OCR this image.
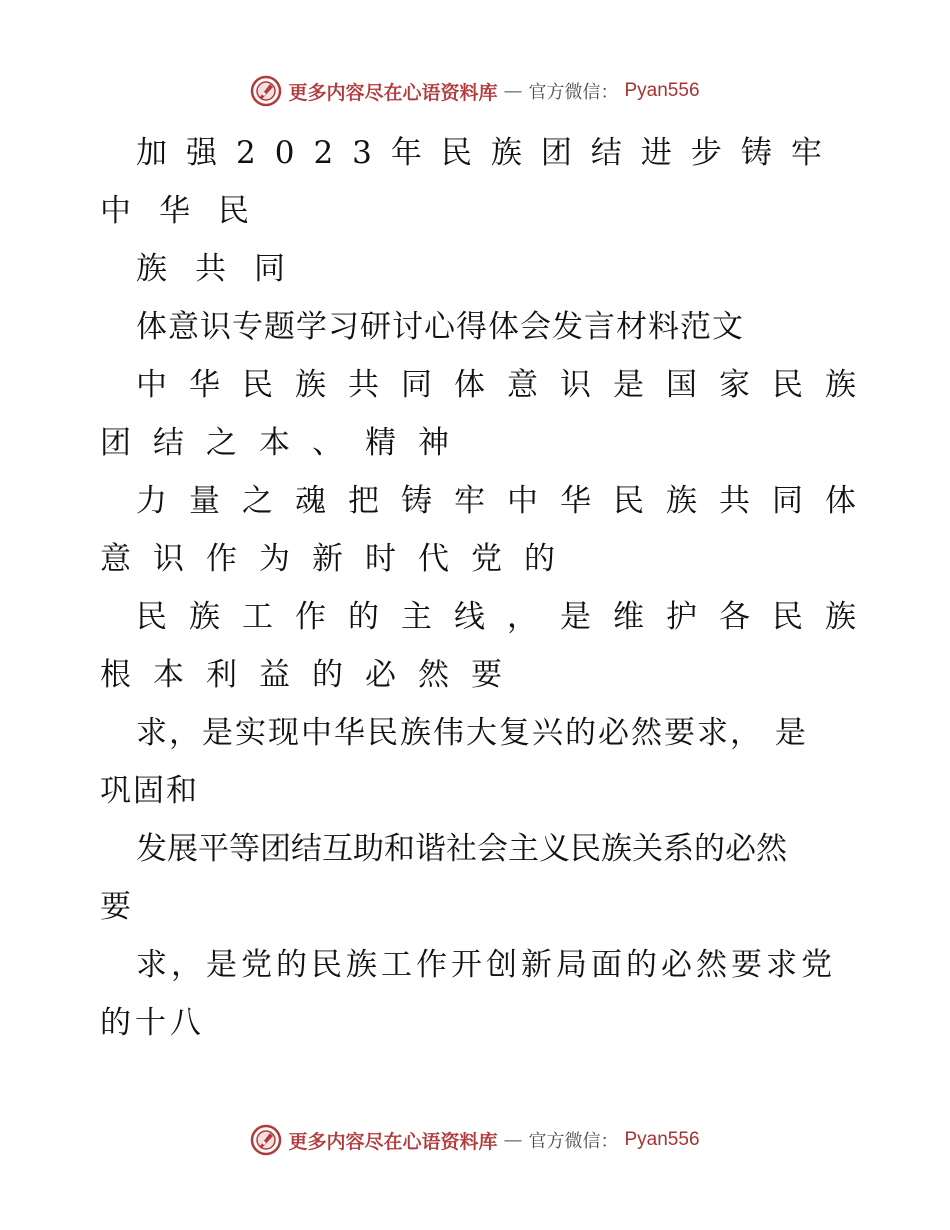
更多内容尽在心语资料库 — 官方微信： Pyan556
加强2023年民族团结进步铸牢
中华民
族共同
体意识专题学习研讨心得体会发言材料范文
中华民族共同体意识是国家民族
团结之本、精神
力量之魂把铸牢中华民族共同体
意识作为新时代党的
民族工作的主线，是维护各民族
根本利益的必然要
求，是实现中华民族伟大复兴的必然要求， 是
巩固和
发展平等团结互助和谐社会主义民族关系的必然
要
求，是党的民族工作开创新局面的必然要求党
的十八
更多内容尽在心语资料库 — 官方微信： Pyan556
